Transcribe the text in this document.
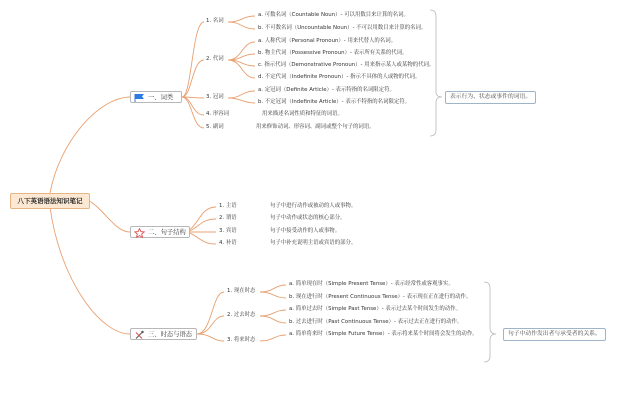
八下英语语法知识笔记
一、词类
1. 名词
a. 可数名词（Countable Noun）- 可以用数目来计算的名词。
b. 不可数名词（Uncountable Noun）- 不可以用数目来计算的名词。
2. 代词
a. 人称代词（Personal Pronoun）- 用来代替人的名词。
b. 物主代词（Possessive Pronoun）- 表示所有关系的代词。
c. 指示代词（Demonstrative Pronoun）- 用来指示某人或某物的代词。
d. 不定代词（Indefinite Pronoun）- 指示不具体的人或物的代词。
3. 冠词
a. 定冠词（Definite Article）- 表示特指的名词限定符。
b. 不定冠词（Indefinite Article）- 表示不特指的名词限定符。
4. 形容词	用来描述名词性质和特征的词语。
5. 副词	用来修饰动词、形容词、副词或整个句子的词语。
表示行为、状态或事件的词语。
二、句子结构
1. 主语	句子中进行动作或被动的人或事物。
2. 谓语	句子中动作或状态的核心部分。
3. 宾语	句子中接受动作的人或事物。
4. 补语	句子中补充说明主语或宾语的部分。
三、时态与语态
1. 现在时态
a. 简单现在时（Simple Present Tense）- 表示经常性或客观事实。
b. 现在进行时（Present Continuous Tense）- 表示现在正在进行的动作。
2. 过去时态
a. 简单过去时（Simple Past Tense）- 表示过去某个时间发生的动作。
b. 过去进行时（Past Continuous Tense）- 表示过去正在进行的动作。
3. 将来时态
a. 简单将来时（Simple Future Tense）- 表示将来某个时间将会发生的动作。	句子中动作发出者与承受者的关系。
